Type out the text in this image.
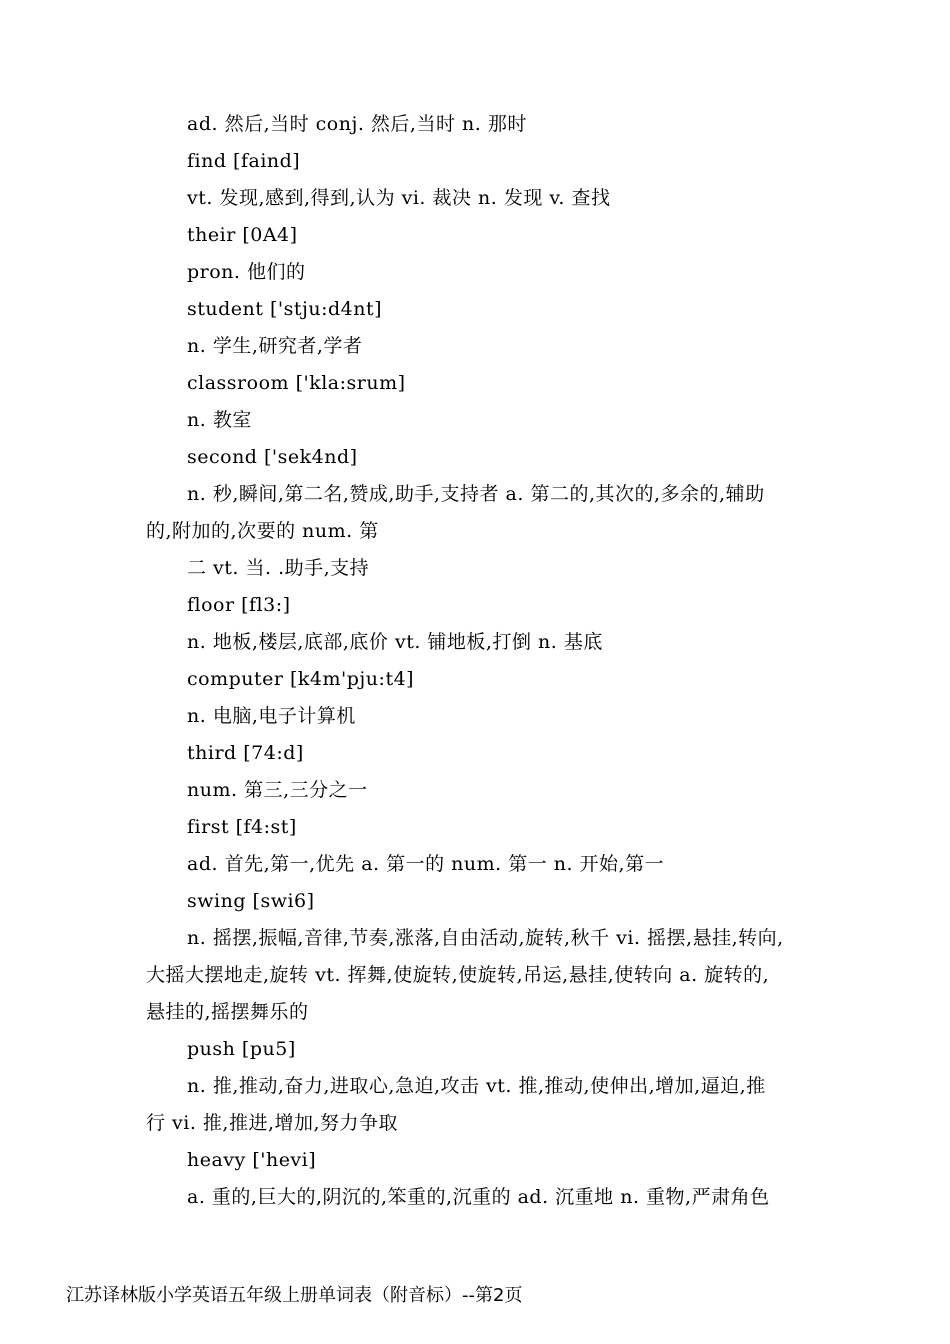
ad. 然后,当时 conj. 然后,当时 n. 那时
find [faind]
vt. 发现,感到,得到,认为 vi. 裁决 n. 发现 v. 查找
their [0A4]
pron. 他们的
student ['stju:d4nt]
n. 学生,研究者,学者
classroom ['kla:srum]
n. 教室
second ['sek4nd]
n. 秒,瞬间,第二名,赞成,助手,支持者 a. 第二的,其次的,多余的,辅助
的,附加的,次要的 num. 第
二 vt. 当. .助手,支持
floor [fl3:]
n. 地板,楼层,底部,底价 vt. 铺地板,打倒 n. 基底
computer [k4m'pju:t4]
n. 电脑,电子计算机
third [74:d]
num. 第三,三分之一
first [f4:st]
ad. 首先,第一,优先 a. 第一的 num. 第一 n. 开始,第一
swing [swi6]
n. 摇摆,振幅,音律,节奏,涨落,自由活动,旋转,秋千 vi. 摇摆,悬挂,转向,
大摇大摆地走,旋转 vt. 挥舞,使旋转,使旋转,吊运,悬挂,使转向 a. 旋转的,
悬挂的,摇摆舞乐的
push [pu5]
n. 推,推动,奋力,进取心,急迫,攻击 vt. 推,推动,使伸出,增加,逼迫,推
行 vi. 推,推进,增加,努力争取
heavy ['hevi]
a. 重的,巨大的,阴沉的,笨重的,沉重的 ad. 沉重地 n. 重物,严肃角色
江苏译林版小学英语五年级上册单词表（附音标）--第2页
